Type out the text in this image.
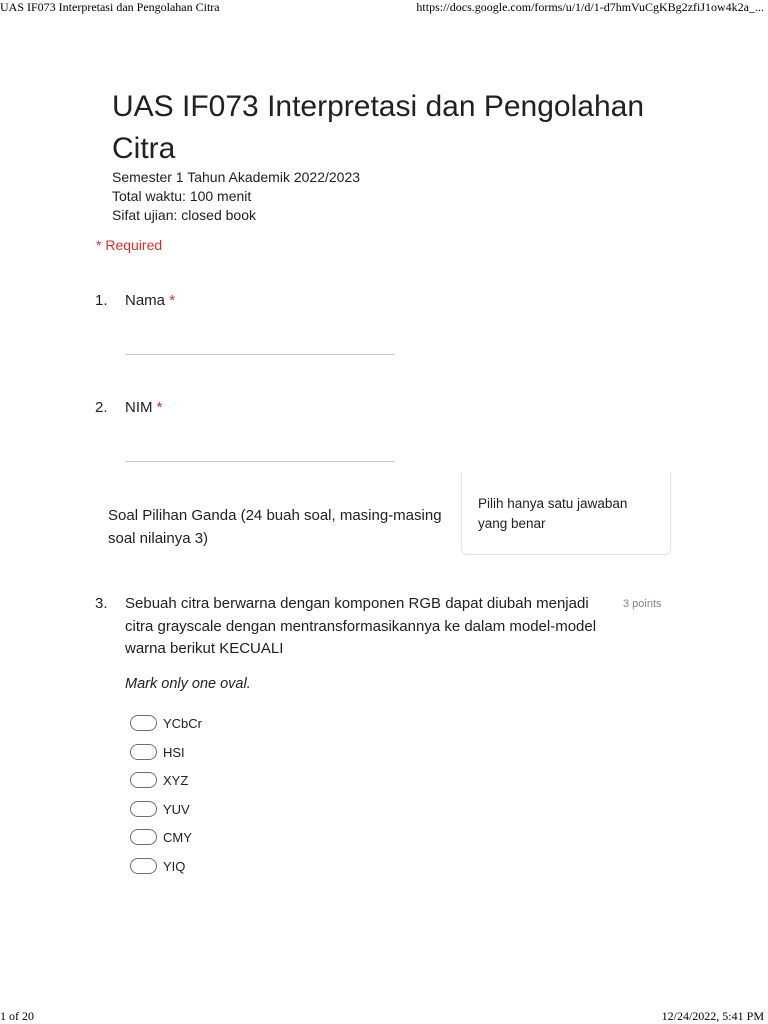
UAS IF073 Interpretasi dan Pengolahan Citra	https://docs.google.com/forms/u/1/d/1-d7hmVuCgKBg2zfiJ1ow4k2a_...
UAS IF073 Interpretasi dan Pengolahan Citra
Semester 1 Tahun Akademik 2022/2023
Total waktu: 100 menit
Sifat ujian: closed book
* Required
1. Nama *
2. NIM *
Soal Pilihan Ganda (24 buah soal, masing-masing soal nilainya 3)
Pilih hanya satu jawaban yang benar
3. Sebuah citra berwarna dengan komponen RGB dapat diubah menjadi citra grayscale dengan mentransformasikannya ke dalam model-model warna berikut KECUALI
3 points
Mark only one oval.
YCbCr
HSI
XYZ
YUV
CMY
YIQ
1 of 20	12/24/2022, 5:41 PM
